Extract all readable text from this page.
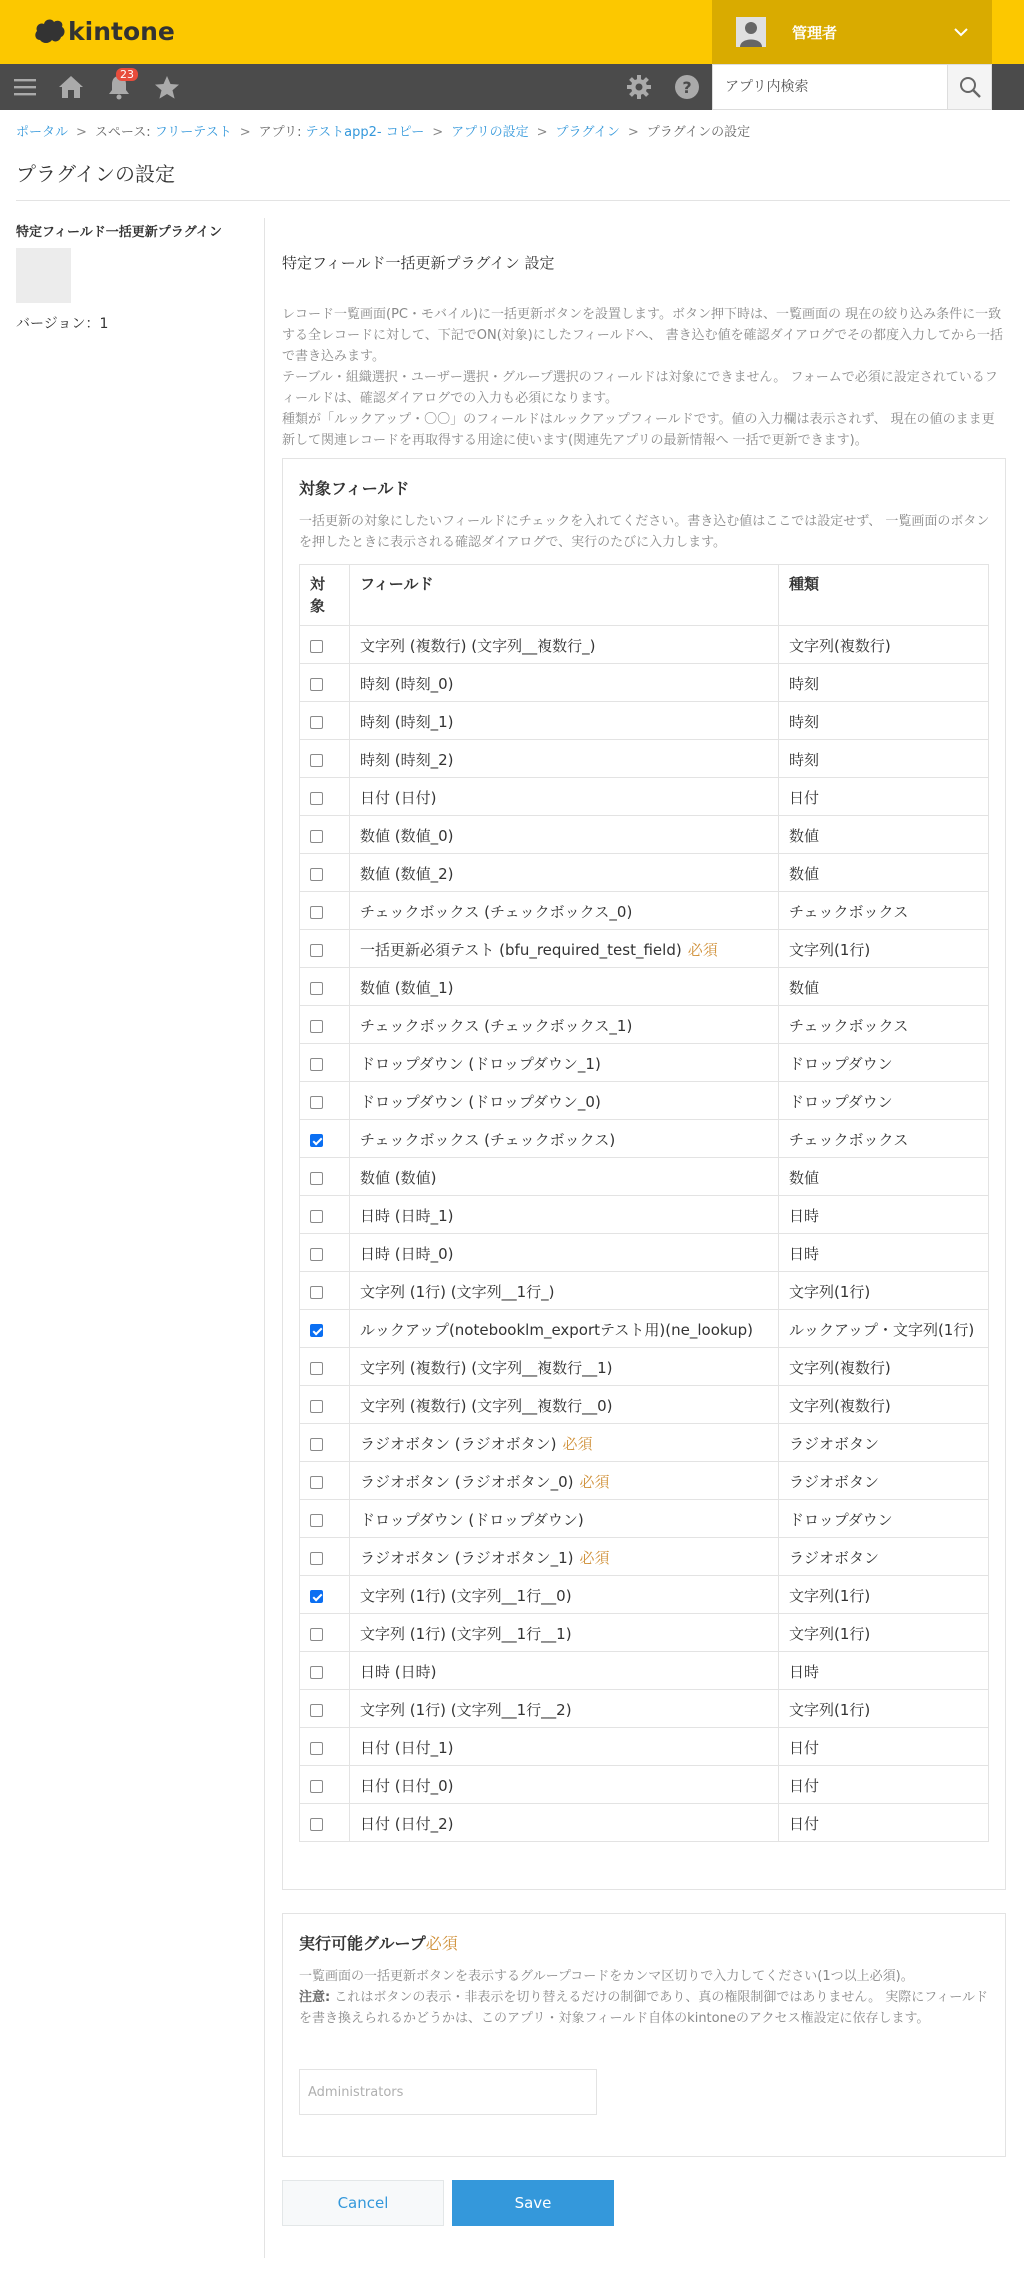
kintone	管理者
23
?
アプリ内検索
ポータル > スペース: フリーテスト > アプリ: テストapp2- コピー > アプリの設定 > プラグイン > プラグインの設定
プラグインの設定
特定フィールド一括更新プラグイン
バージョン：1
特定フィールド一括更新プラグイン 設定
レコード一覧画面(PC・モバイル)に一括更新ボタンを設置します。ボタン押下時は、一覧画面の 現在の絞り込み条件に一致する全レコードに対して、下記でON(対象)にしたフィールドへ、 書き込む値を確認ダイアログでその都度入力してから一括で書き込みます。
テーブル・組織選択・ユーザー選択・グループ選択のフィールドは対象にできません。 フォームで必須に設定されているフィールドは、確認ダイアログでの入力も必須になります。
種類が「ルックアップ・〇〇」のフィールドはルックアップフィールドです。値の入力欄は表示されず、 現在の値のまま更新して関連レコードを再取得する用途に使います(関連先アプリの最新情報へ 一括で更新できます)。
対象フィールド
一括更新の対象にしたいフィールドにチェックを入れてください。書き込む値はここでは設定せず、 一覧画面のボタンを押したときに表示される確認ダイアログで、実行のたびに入力します。
対象	フィールド	種類
	文字列 (複数行) (文字列__複数行_)	文字列(複数行)
	時刻 (時刻_0)	時刻
	時刻 (時刻_1)	時刻
	時刻 (時刻_2)	時刻
	日付 (日付)	日付
	数値 (数値_0)	数値
	数値 (数値_2)	数値
	チェックボックス (チェックボックス_0)	チェックボックス
	一括更新必須テスト (bfu_required_test_field) 必須	文字列(1行)
	数値 (数値_1)	数値
	チェックボックス (チェックボックス_1)	チェックボックス
	ドロップダウン (ドロップダウン_1)	ドロップダウン
	ドロップダウン (ドロップダウン_0)	ドロップダウン
	チェックボックス (チェックボックス)	チェックボックス
	数値 (数値)	数値
	日時 (日時_1)	日時
	日時 (日時_0)	日時
	文字列 (1行) (文字列__1行_)	文字列(1行)
	ルックアップ(notebooklm_exportテスト用)(ne_lookup)	ルックアップ・文字列(1行)
	文字列 (複数行) (文字列__複数行__1)	文字列(複数行)
	文字列 (複数行) (文字列__複数行__0)	文字列(複数行)
	ラジオボタン (ラジオボタン) 必須	ラジオボタン
	ラジオボタン (ラジオボタン_0) 必須	ラジオボタン
	ドロップダウン (ドロップダウン)	ドロップダウン
	ラジオボタン (ラジオボタン_1) 必須	ラジオボタン
	文字列 (1行) (文字列__1行__0)	文字列(1行)
	文字列 (1行) (文字列__1行__1)	文字列(1行)
	日時 (日時)	日時
	文字列 (1行) (文字列__1行__2)	文字列(1行)
	日付 (日付_1)	日付
	日付 (日付_0)	日付
	日付 (日付_2)	日付
実行可能グループ必須
一覧画面の一括更新ボタンを表示するグループコードをカンマ区切りで入力してください(1つ以上必須)。
注意: これはボタンの表示・非表示を切り替えるだけの制御であり、真の権限制御ではありません。 実際にフィールドを書き換えられるかどうかは、このアプリ・対象フィールド自体のkintoneのアクセス権設定に依存します。
Administrators
Cancel	Save
